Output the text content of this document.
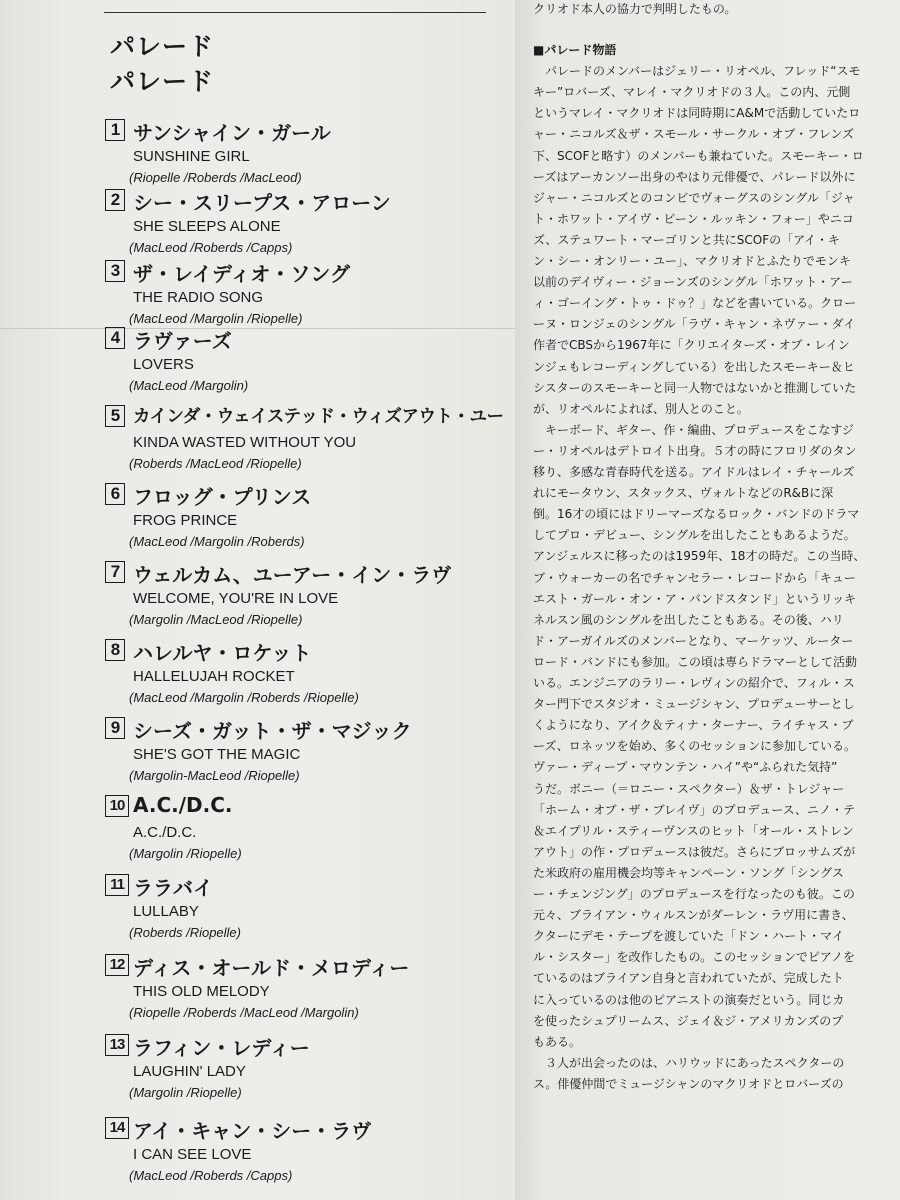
パレード
パレード
1 サンシャイン・ガール
SUNSHINE GIRL
(Riopelle /Roberds /MacLeod)
2 シー・スリープス・アローン
SHE SLEEPS ALONE
(MacLeod /Roberds /Capps)
3 ザ・レイディオ・ソング
THE RADIO SONG
(MacLeod /Margolin /Riopelle)
4 ラヴァーズ
LOVERS
(MacLeod /Margolin)
5 カインダ・ウェイステッド・ウィズアウト・ユー
KINDA WASTED WITHOUT YOU
(Roberds /MacLeod /Riopelle)
6 フロッグ・プリンス
FROG PRINCE
(MacLeod /Margolin /Roberds)
7 ウェルカム、ユーアー・イン・ラヴ
WELCOME, YOU'RE IN LOVE
(Margolin /MacLeod /Riopelle)
8 ハレルヤ・ロケット
HALLELUJAH ROCKET
(MacLeod /Margolin /Roberds /Riopelle)
9 シーズ・ガット・ザ・マジック
SHE'S GOT THE MAGIC
(Margolin-MacLeod /Riopelle)
10 A.C./D.C.
A.C./D.C.
(Margolin /Riopelle)
11 ララバイ
LULLABY
(Roberds /Riopelle)
12 ディス・オールド・メロディー
THIS OLD MELODY
(Riopelle /Roberds /MacLeod /Margolin)
13 ラフィン・レディー
LAUGHIN' LADY
(Margolin /Riopelle)
14 アイ・キャン・シー・ラヴ
I CAN SEE LOVE
(MacLeod /Roberds /Capps)
クリオド本人の協力で判明したもの。
■パレード物語
　パレードのメンバーはジェリー・リオペル、フレッド“スモ
キー”ロバーズ、マレイ・マクリオドの３人。この内、元側
というマレイ・マクリオドは同時期にA&Mで活動していたロ
ャー・ニコルズ＆ザ・スモール・サークル・オブ・フレンズ
下、SCOFと略す）のメンバーも兼ねていた。スモーキー・ロ
ーズはアーカンソー出身のやはり元俳優で、パレード以外に
ジャー・ニコルズとのコンビでヴォーグスのシングル「ジャ
ト・ホワット・アイヴ・ビーン・ルッキン・フォー」やニコ
ズ、ステュワート・マーゴリンと共にSCOFの「アイ・キ
ン・シー・オンリー・ユー」、マクリオドとふたりでモンキ
以前のデイヴィー・ジョーンズのシングル「ホワット・アー
ィ・ゴーイング・トゥ・ドゥ？」などを書いている。クロー
ーヌ・ロンジェのシングル「ラヴ・キャン・ネヴァー・ダイ
作者でCBSから1967年に「クリエイターズ・オブ・レイン
ンジェもレコーディングしている）を出したスモーキー＆ヒ
シスターのスモーキーと同一人物ではないかと推測していた
が、リオペルによれば、別人とのこと。
　キーボード、ギター、作・編曲、プロデュースをこなすジ
ー・リオペルはデトロイト出身。５才の時にフロリダのタン
移り、多感な青春時代を送る。アイドルはレイ・チャールズ
れにモータウン、スタックス、ヴォルトなどのR&Bに深
倒。16才の頃にはドリーマーズなるロック・バンドのドラマ
してプロ・デビュー、シングルを出したこともあるようだ。
アンジェルスに移ったのは1959年、18才の時だ。この当時、
ブ・ウォーカーの名でチャンセラー・レコードから「キュー
エスト・ガール・オン・ア・バンドスタンド」というリッキ
ネルスン風のシングルを出したこともある。その後、ハリ
ド・アーガイルズのメンバーとなり、マーケッツ、ルーター
ロード・バンドにも参加。この頃は専らドラマーとして活動
いる。エンジニアのラリー・レヴィンの紹介で、フィル・ス
ター門下でスタジオ・ミュージシャン、プロデューサーとし
くようになり、アイク＆ティナ・ターナー、ライチャス・ブ
ーズ、ロネッツを始め、多くのセッションに参加している。
ヴァー・ディープ・マウンテン・ハイ”や“ふられた気持”
うだ。ボニー（＝ロニー・スペクター）＆ザ・トレジャー
「ホーム・オブ・ザ・ブレイヴ」のプロデュース、ニノ・テ
＆エイプリル・スティーヴンスのヒット「オール・ストレン
アウト」の作・プロデュースは彼だ。さらにブロッサムズが
た米政府の雇用機会均等キャンペーン・ソング「シングス
ー・チェンジング」のプロデュースを行なったのも彼。この
元々、ブライアン・ウィルスンがダーレン・ラヴ用に書き、
クターにデモ・テープを渡していた「ドン・ハート・マイ
ル・シスター」を改作したもの。このセッションでピアノを
ているのはブライアン自身と言われていたが、完成したト
に入っているのは他のピアニストの演奏だという。同じカ
を使ったシュプリームス、ジェイ＆ジ・アメリカンズのプ
もある。
　３人が出会ったのは、ハリウッドにあったスペクターの
ス。俳優仲間でミュージシャンのマクリオドとロバーズの
